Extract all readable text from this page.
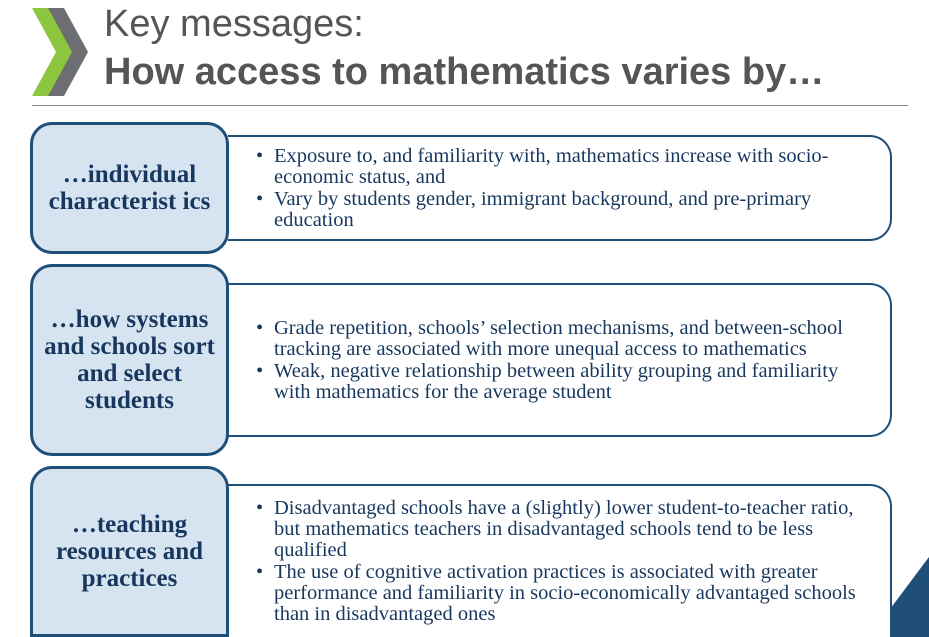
Key messages:
How access to mathematics varies by…
…individual characterist ics
• Exposure to, and familiarity with, mathematics increase with socio-economic status, and
• Vary by students gender, immigrant background, and pre-primary education
…how systems and schools sort and select students
• Grade repetition, schools’ selection mechanisms, and between-school tracking are associated with more unequal access to mathematics
• Weak, negative relationship between ability grouping and familiarity with mathematics for the average student
…teaching resources and practices
• Disadvantaged schools have a (slightly) lower student-to-teacher ratio, but mathematics teachers in disadvantaged schools tend to be less qualified
• The use of cognitive activation practices is associated with greater performance and familiarity in socio-economically advantaged schools than in disadvantaged ones
